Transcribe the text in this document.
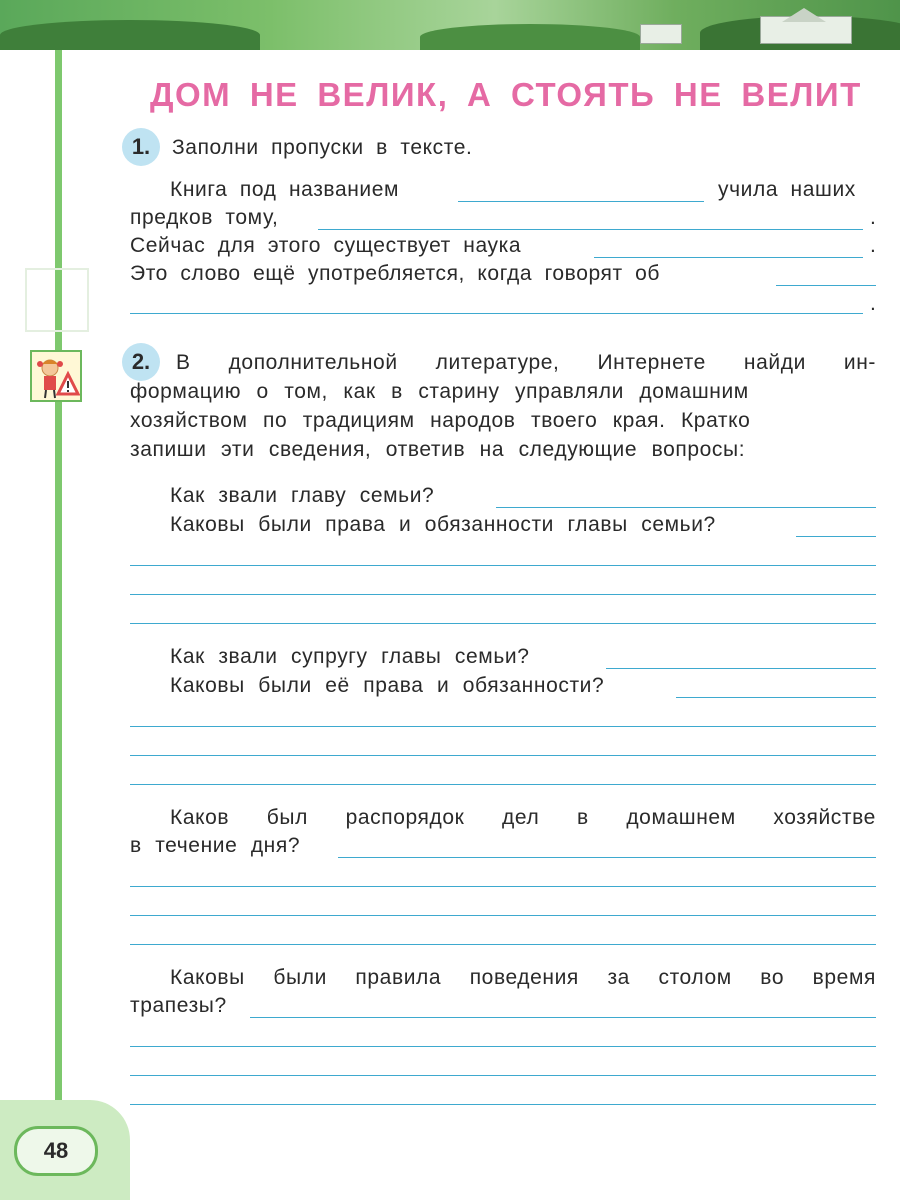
ДОМ НЕ ВЕЛИК, А СТОЯТЬ НЕ ВЕЛИТ
1.	Заполни пропуски в тексте.
Книга под названием	учила наших
предков тому,	.
Сейчас для этого существует наука	.
Это слово ещё употребляется, когда говорят об
.
2.	В дополнительной литературе, Интернете найди ин-
формацию о том, как в старину управляли домашним
хозяйством по традициям народов твоего края. Кратко
запиши эти сведения, ответив на следующие вопросы:
Как звали главу семьи?
Каковы были права и обязанности главы семьи?
Как звали супругу главы семьи?
Каковы были её права и обязанности?
Каков был распорядок дел в домашнем хозяйстве
в течение дня?
Каковы были правила поведения за столом во время
трапезы?
48
